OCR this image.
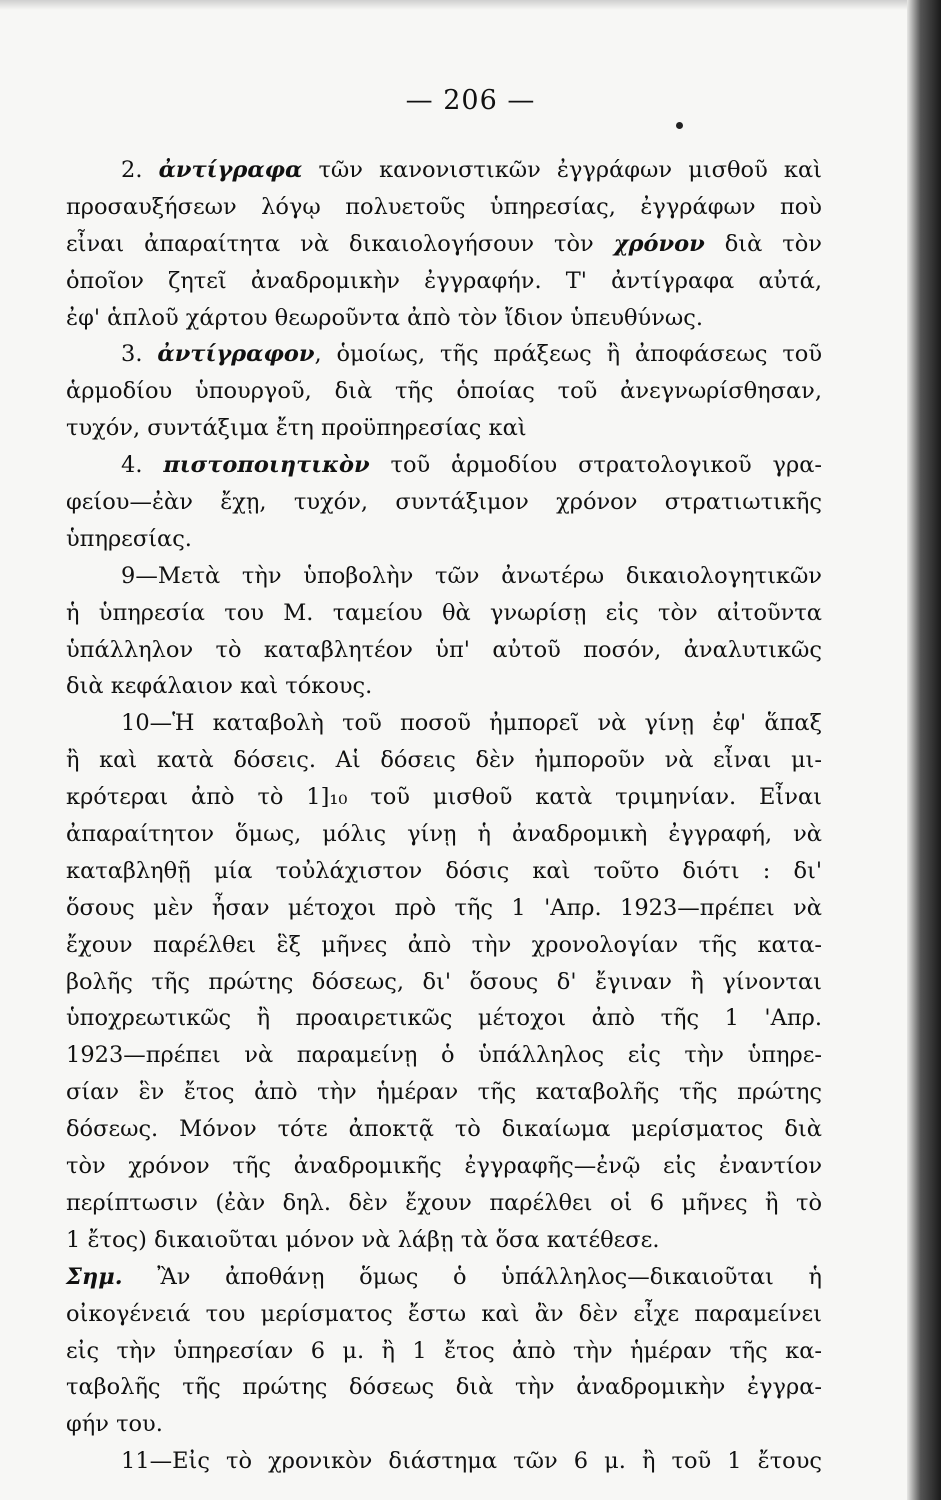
— 206 —
2. ἀντίγραφα τῶν κανονιστικῶν ἐγγράφων μισθοῦ καὶ
προσαυξήσεων λόγῳ πολυετοῦς ὑπηρεσίας, ἐγγράφων ποὺ
εἶναι ἀπαραίτητα νὰ δικαιολογήσουν τὸν χρόνον διὰ τὸν
ὁποῖον ζητεῖ ἀναδρομικὴν ἐγγραφήν. Τ' ἀντίγραφα αὐτά,
ἐφ' ἁπλοῦ χάρτου θεωροῦντα ἀπὸ τὸν ἴδιον ὑπευθύνως.
3. ἀντίγραφον, ὁμοίως, τῆς πράξεως ἢ ἀποφάσεως τοῦ
ἁρμοδίου ὑπουργοῦ, διὰ τῆς ὁποίας τοῦ ἀνεγνωρίσθησαν,
τυχόν, συντάξιμα ἔτη προϋπηρεσίας καὶ
4. πιστοποιητικὸν τοῦ ἁρμοδίου στρατολογικοῦ γρα-
φείου—ἐὰν ἔχῃ, τυχόν, συντάξιμον χρόνον στρατιωτικῆς
ὑπηρεσίας.
9—Μετὰ τὴν ὑποβολὴν τῶν ἀνωτέρω δικαιολογητικῶν
ἡ ὑπηρεσία του Μ. ταμείου θὰ γνωρίσῃ εἰς τὸν αἰτοῦντα
ὑπάλληλον τὸ καταβλητέον ὑπ' αὐτοῦ ποσόν, ἀναλυτικῶς
διὰ κεφάλαιον καὶ τόκους.
10—Ἡ καταβολὴ τοῦ ποσοῦ ἠμπορεῖ νὰ γίνῃ ἐφ' ἅπαξ
ἢ καὶ κατὰ δόσεις. Αἱ δόσεις δὲν ἠμποροῦν νὰ εἶναι μι-
κρότεραι ἀπὸ τὸ 1]₁₀ τοῦ μισθοῦ κατὰ τριμηνίαν. Εἶναι
ἀπαραίτητον ὅμως, μόλις γίνῃ ἡ ἀναδρομικὴ ἐγγραφή, νὰ
καταβληθῇ μία τοὐλάχιστον δόσις καὶ τοῦτο διότι : δι'
ὅσους μὲν ἦσαν μέτοχοι πρὸ τῆς 1 'Απρ. 1923—πρέπει νὰ
ἔχουν παρέλθει ἓξ μῆνες ἀπὸ τὴν χρονολογίαν τῆς κατα-
βολῆς τῆς πρώτης δόσεως, δι' ὅσους δ' ἔγιναν ἢ γίνονται
ὑποχρεωτικῶς ἢ προαιρετικῶς μέτοχοι ἀπὸ τῆς 1 'Απρ.
1923—πρέπει νὰ παραμείνῃ ὁ ὑπάλληλος εἰς τὴν ὑπηρε-
σίαν ἓν ἔτος ἀπὸ τὴν ἡμέραν τῆς καταβολῆς τῆς πρώτης
δόσεως. Μόνον τότε ἀποκτᾷ τὸ δικαίωμα μερίσματος διὰ
τὸν χρόνον τῆς ἀναδρομικῆς ἐγγραφῆς—ἐνῷ εἰς ἐναντίον
περίπτωσιν (ἐὰν δηλ. δὲν ἔχουν παρέλθει οἱ 6 μῆνες ἢ τὸ
1 ἔτος) δικαιοῦται μόνον νὰ λάβῃ τὰ ὅσα κατέθεσε.
Σημ. Ἂν ἀποθάνῃ ὅμως ὁ ὑπάλληλος—δικαιοῦται ἡ
οἰκογένειά του μερίσματος ἔστω καὶ ἂν δὲν εἶχε παραμείνει
εἰς τὴν ὑπηρεσίαν 6 μ. ἢ 1 ἔτος ἀπὸ τὴν ἡμέραν τῆς κα-
ταβολῆς τῆς πρώτης δόσεως διὰ τὴν ἀναδρομικὴν ἐγγρα-
φήν του.
11—Εἰς τὸ χρονικὸν διάστημα τῶν 6 μ. ἢ τοῦ 1 ἔτους
